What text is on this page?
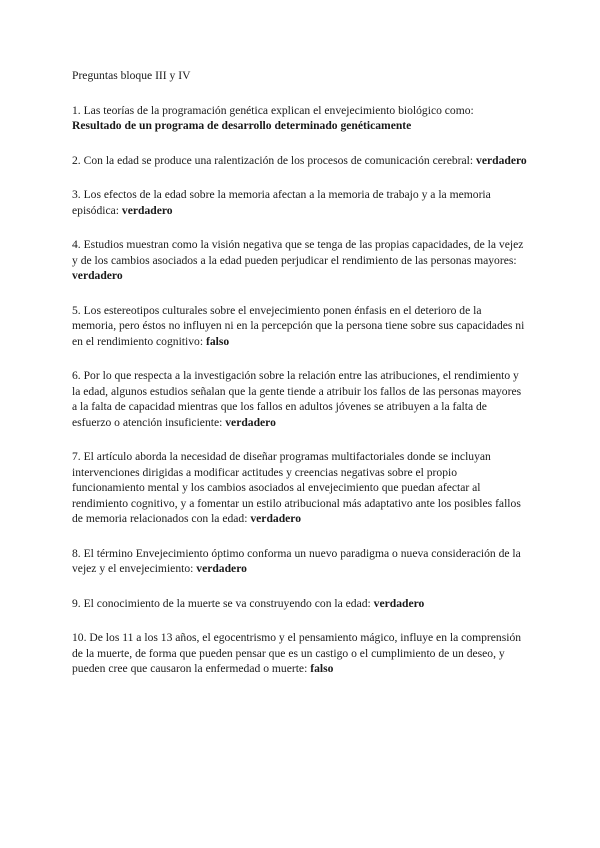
Preguntas bloque III y IV

1. Las teorías de la programación genética explican el envejecimiento biológico como:
Resultado de un programa de desarrollo determinado genéticamente

2. Con la edad se produce una ralentización de los procesos de comunicación cerebral: verdadero

3. Los efectos de la edad sobre la memoria afectan a la memoria de trabajo y a la memoria episódica: verdadero

4. Estudios muestran como la visión negativa que se tenga de las propias capacidades, de la vejez y de los cambios asociados a la edad pueden perjudicar el rendimiento de las personas mayores: verdadero

5. Los estereotipos culturales sobre el envejecimiento ponen énfasis en el deterioro de la memoria, pero éstos no influyen ni en la percepción que la persona tiene sobre sus capacidades ni en el rendimiento cognitivo: falso

6. Por lo que respecta a la investigación sobre la relación entre las atribuciones, el rendimiento y la edad, algunos estudios señalan que la gente tiende a atribuir los fallos de las personas mayores a la falta de capacidad mientras que los fallos en adultos jóvenes se atribuyen a la falta de esfuerzo o atención insuficiente: verdadero

7. El artículo aborda la necesidad de diseñar programas multifactoriales donde se incluyan intervenciones dirigidas a modificar actitudes y creencias negativas sobre el propio funcionamiento mental y los cambios asociados al envejecimiento que puedan afectar al rendimiento cognitivo, y a fomentar un estilo atribucional más adaptativo ante los posibles fallos de memoria relacionados con la edad: verdadero

8. El término Envejecimiento óptimo conforma un nuevo paradigma o nueva consideración de la vejez y el envejecimiento: verdadero

9. El conocimiento de la muerte se va construyendo con la edad: verdadero

10. De los 11 a los 13 años, el egocentrismo y el pensamiento mágico, influye en la comprensión de la muerte, de forma que pueden pensar que es un castigo o el cumplimiento de un deseo, y pueden cree que causaron la enfermedad o muerte: falso
